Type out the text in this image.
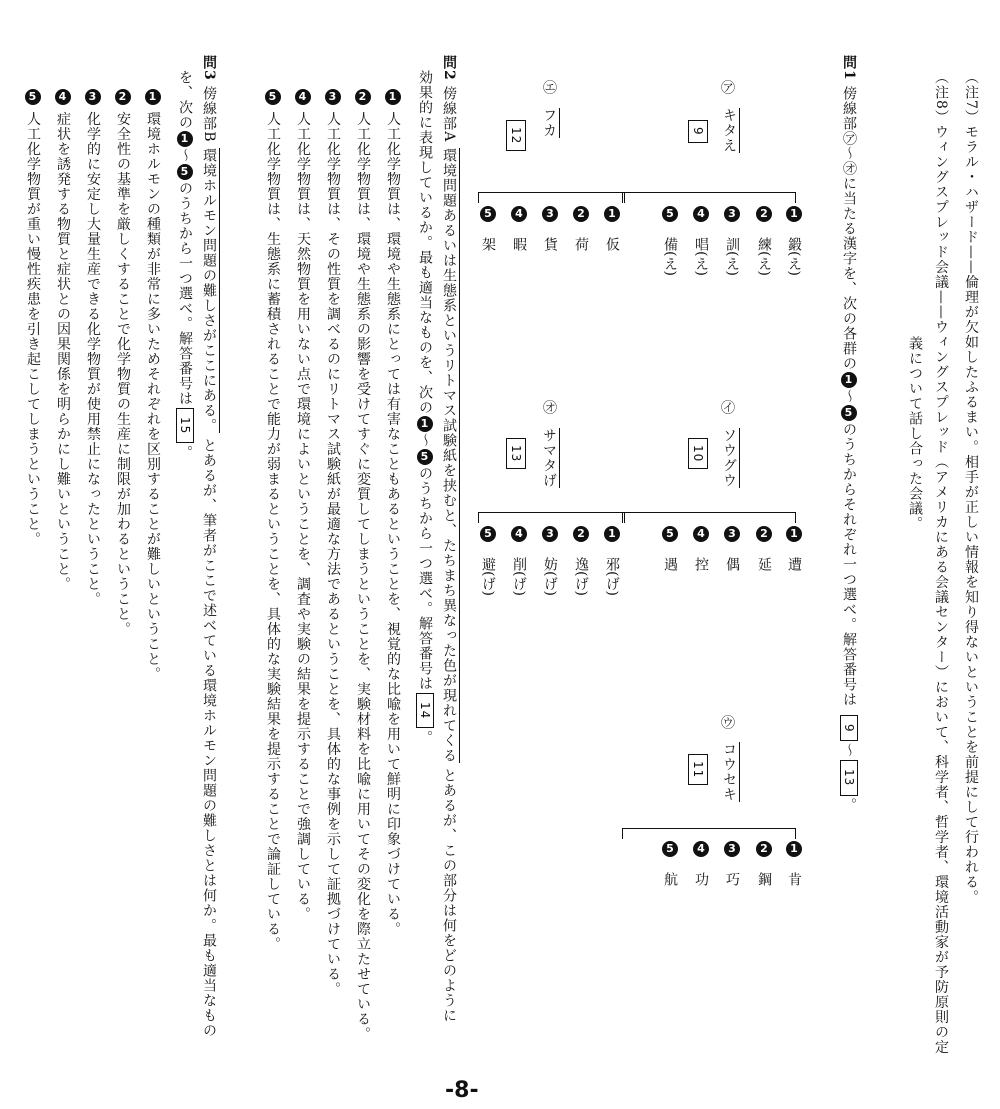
（注7）モラル・ハザード——倫理が欠如したふるまい。相手が正しい情報を知り得ないということを前提にして行われる。
（注8）ウィングスプレッド会議——ウィングスプレッド（アメリカにある会議センター）において、科学者、哲学者、環境活動家が予防原則の定
義について話し合った会議。
問1 傍線部㋐〜㋔に当たる漢字を、次の各群の1〜5のうちからそれぞれ一つ選べ。解答番号は 9〜13。
㋐
キタえ
9
1鍛(え)
2練(え)
3訓(え)
4唱(え)
5備(え)
㋑
ソウグウ
10
1遭
2延
3偶
4控
5遇
㋒
コウセキ
11
1肯
2鋼
3巧
4功
5航
㋓
フカ
12
1仮
2荷
3貨
4暇
5架
㋔
サマタげ
13
1邪(げ)
2逸(げ)
3妨(げ)
4削(げ)
5避(げ)
問2 傍線部A 環境問題あるいは生態系というリトマス試験紙を挟むと、たちまち異なった色が現れてくる とあるが、この部分は何をどのように
効果的に表現しているか。最も適当なものを、次の1〜5のうちから一つ選べ。解答番号は14。
1 人工化学物質は、環境や生態系にとっては有害なこともあるということを、視覚的な比喩を用いて鮮明に印象づけている。
2 人工化学物質は、環境や生態系の影響を受けてすぐに変質してしまうということを、実験材料を比喩に用いてその変化を際立たせている。
3 人工化学物質は、その性質を調べるのにリトマス試験紙が最適な方法であるということを、具体的な事例を示して証拠づけている。
4 人工化学物質は、天然物質を用いない点で環境によいということを、調査や実験の結果を提示することで強調している。
5 人工化学物質は、生態系に蓄積されることで能力が弱まるということを、具体的な実験結果を提示することで論証している。
問3 傍線部B 環境ホルモン問題の難しさがここにある。 とあるが、筆者がここで述べている環境ホルモン問題の難しさとは何か。最も適当なもの
を、次の1〜5のうちから一つ選べ。解答番号は15。
1 環境ホルモンの種類が非常に多いためそれぞれを区別することが難しいということ。
2 安全性の基準を厳しくすることで化学物質の生産に制限が加わるということ。
3 化学的に安定し大量生産できる化学物質が使用禁止になったということ。
4 症状を誘発する物質と症状との因果関係を明らかにし難いということ。
5 人工化学物質が重い慢性疾患を引き起こしてしまうということ。
-8-
